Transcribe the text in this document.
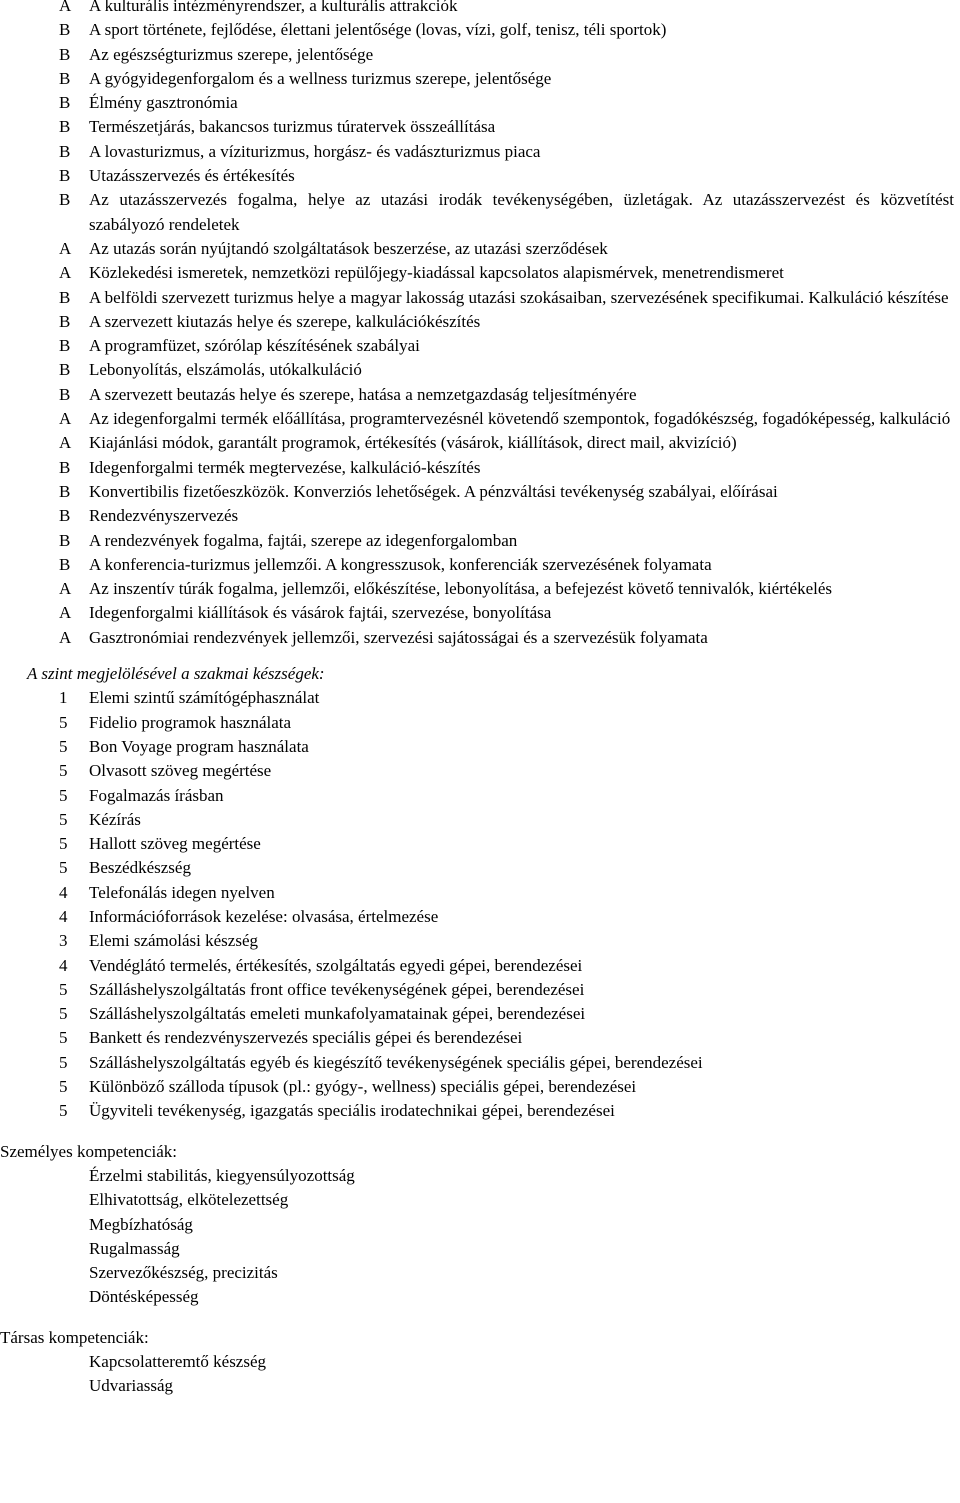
A	A kulturális intézményrendszer, a kulturális attrakciók
B	A sport története, fejlődése, élettani jelentősége (lovas, vízi, golf, tenisz, téli sportok)
B	Az egészségturizmus szerepe, jelentősége
B	A gyógyidegenforgalom és a wellness turizmus szerepe, jelentősége
B	Élmény gasztronómia
B	Természetjárás, bakancsos turizmus túratervek összeállítása
B	A lovasturizmus, a víziturizmus, horgász- és vadászturizmus piaca
B	Utazásszervezés és értékesítés
B	Az utazásszervezés fogalma, helye az utazási irodák tevékenységében, üzletágak. Az utazásszervezést és közvetítést szabályozó rendeletek
A	Az utazás során nyújtandó szolgáltatások beszerzése, az utazási szerződések
A	Közlekedési ismeretek, nemzetközi repülőjegy-kiadással kapcsolatos alapismérvek, menetrendismeret
B	A belföldi szervezett turizmus helye a magyar lakosság utazási szokásaiban, szervezésének specifikumai. Kalkuláció készítése
B	A szervezett kiutazás helye és szerepe, kalkulációkészítés
B	A programfüzet, szórólap készítésének szabályai
B	Lebonyolítás, elszámolás, utókalkuláció
B	A szervezett beutazás helye és szerepe, hatása a nemzetgazdaság teljesítményére
A	Az idegenforgalmi termék előállítása, programtervezésnél követendő szempontok, fogadókészség, fogadóképesség, kalkuláció
A	Kiajánlási módok, garantált programok, értékesítés (vásárok, kiállítások, direct mail, akvizíció)
B	Idegenforgalmi termék megtervezése, kalkuláció-készítés
B	Konvertibilis fizetőeszközök. Konverziós lehetőségek. A pénzváltási tevékenység szabályai, előírásai
B	Rendezvényszervezés
B	A rendezvények fogalma, fajtái, szerepe az idegenforgalomban
B	A konferencia-turizmus jellemzői. A kongresszusok, konferenciák szervezésének folyamata
A	Az inszentív túrák fogalma, jellemzői, előkészítése, lebonyolítása, a befejezést követő tennivalók, kiértékelés
A	Idegenforgalmi kiállítások és vásárok fajtái, szervezése, bonyolítása
A	Gasztronómiai rendezvények jellemzői, szervezési sajátosságai és a szervezésük folyamata
A szint megjelölésével a szakmai készségek:
1	Elemi szintű számítógéphasználat
5	Fidelio programok használata
5	Bon Voyage program használata
5	Olvasott szöveg megértése
5	Fogalmazás írásban
5	Kézírás
5	Hallott szöveg megértése
5	Beszédkészség
4	Telefonálás idegen nyelven
4	Információforrások kezelése: olvasása, értelmezése
3	Elemi számolási készség
4	Vendéglátó termelés, értékesítés, szolgáltatás egyedi gépei, berendezései
5	Szálláshelyszolgáltatás front office tevékenységének gépei, berendezései
5	Szálláshelyszolgáltatás emeleti munkafolyamatainak gépei, berendezései
5	Bankett és rendezvényszervezés speciális gépei és berendezései
5	Szálláshelyszolgáltatás egyéb és kiegészítő tevékenységének speciális gépei, berendezései
5	Különböző szálloda típusok (pl.: gyógy-, wellness) speciális gépei, berendezései
5	Ügyviteli tevékenység, igazgatás speciális irodatechnikai gépei, berendezései
Személyes kompetenciák:
Érzelmi stabilitás, kiegyensúlyozottság
Elhivatottság, elkötelezettség
Megbízhatóság
Rugalmasság
Szervezőkészség, precizitás
Döntésképesség
Társas kompetenciák:
Kapcsolatteremtő készség
Udvariasság
